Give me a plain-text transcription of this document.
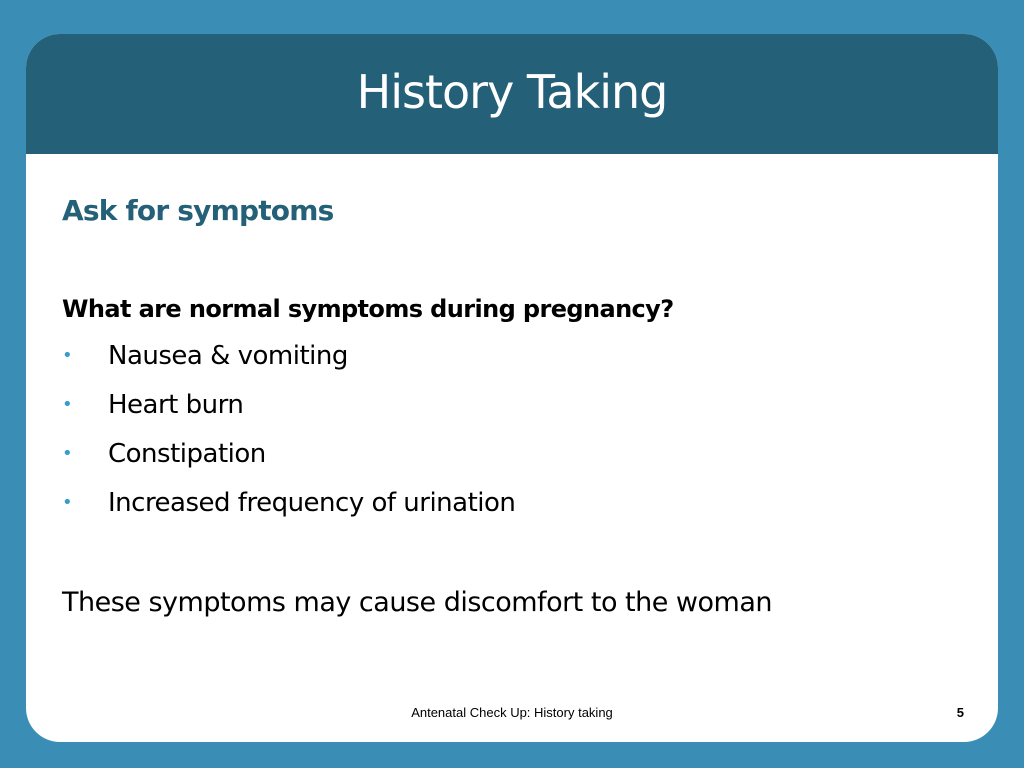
History Taking
Ask for symptoms

What are normal symptoms during pregnancy?

• Nausea & vomiting
• Heart burn
• Constipation
• Increased frequency of urination

These symptoms may cause discomfort to the woman

Antenatal Check Up: History taking	5
